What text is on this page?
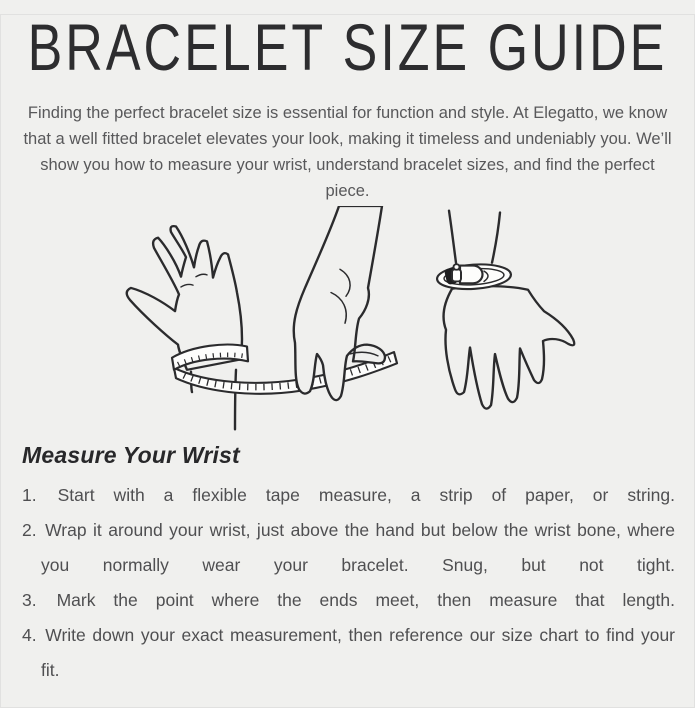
BRACELET SIZE GUIDE

Finding the perfect bracelet size is essential for function and style. At Elegatto, we know that a well fitted bracelet elevates your look, making it timeless and undeniably you. We’ll show you how to measure your wrist, understand bracelet sizes, and find the perfect piece.

Measure Your Wrist
1. Start with a flexible tape measure, a strip of paper, or string.
2. Wrap it around your wrist, just above the hand but below the wrist bone, where you normally wear your bracelet. Snug, but not tight.
3. Mark the point where the ends meet, then measure that length.
4. Write down your exact measurement, then reference our size chart to find your fit.
